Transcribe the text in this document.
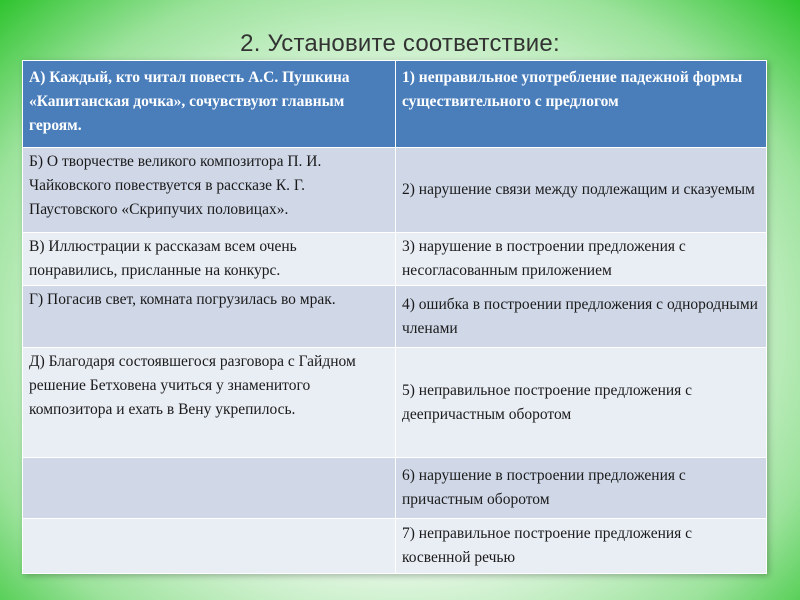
2. Установите соответствие:
А) Каждый, кто читал повесть А.С. Пушкина «Капитанская дочка», сочувствуют главным героям.	1) неправильное употребление падежной формы существительного с предлогом
Б) О творчестве великого композитора П. И. Чайковского повествуется в рассказе К. Г. Паустовского «Скрипучих половицах».	2) нарушение связи между подлежащим и сказуемым
В) Иллюстрации к рассказам всем очень понравились, присланные на конкурс.	3) нарушение в построении предложения с несогласованным приложением
Г) Погасив свет, комната погрузилась во мрак.	4) ошибка в построении предложения с однородными членами
Д) Благодаря состоявшегося разговора с Гайдном решение Бетховена учиться у знаменитого композитора и ехать в Вену укрепилось.	5) неправильное построение предложения с деепричастным оборотом
	6) нарушение в построении предложения с причастным оборотом
	7) неправильное построение предложения с косвенной речью
